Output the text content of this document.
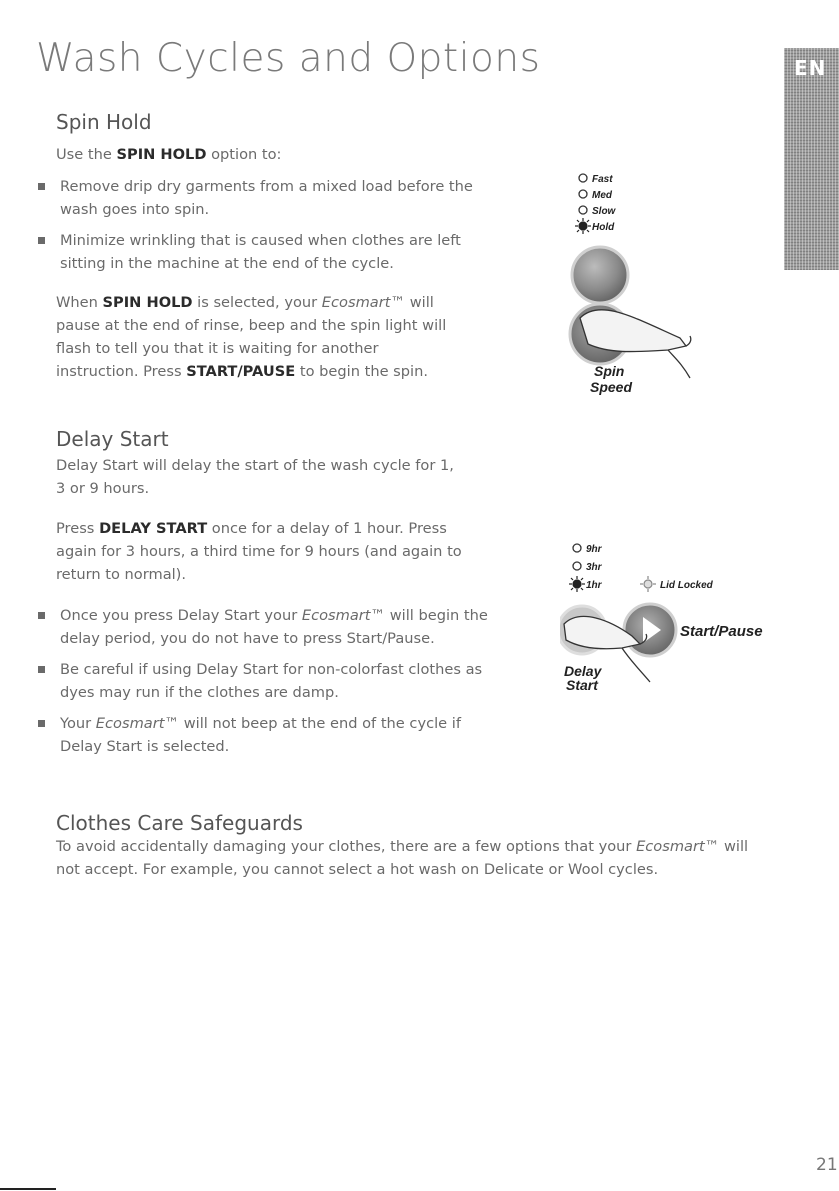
Wash Cycles and Options	EN
Spin Hold
Use the SPIN HOLD option to:
Remove drip dry garments from a mixed load before the wash goes into spin.
Minimize wrinkling that is caused when clothes are left sitting in the machine at the end of the cycle.
When SPIN HOLD is selected, your Ecosmart™ will pause at the end of rinse, beep and the spin light will flash to tell you that it is waiting for another instruction. Press START/PAUSE to begin the spin.
Fast
Med
Slow
Hold
Spin
Speed
Delay Start
Delay Start will delay the start of the wash cycle for 1, 3 or 9 hours.
Press DELAY START once for a delay of 1 hour. Press again for 3 hours, a third time for 9 hours (and again to return to normal).
Once you press Delay Start your Ecosmart™ will begin the delay period, you do not have to press Start/Pause.
Be careful if using Delay Start for non-colorfast clothes as dyes may run if the clothes are damp.
Your Ecosmart™ will not beep at the end of the cycle if Delay Start is selected.
9hr
3hr
1hr	Lid Locked
Start/Pause
Delay
Start
Clothes Care Safeguards
To avoid accidentally damaging your clothes, there are a few options that your Ecosmart™ will not accept. For example, you cannot select a hot wash on Delicate or Wool cycles.
21
